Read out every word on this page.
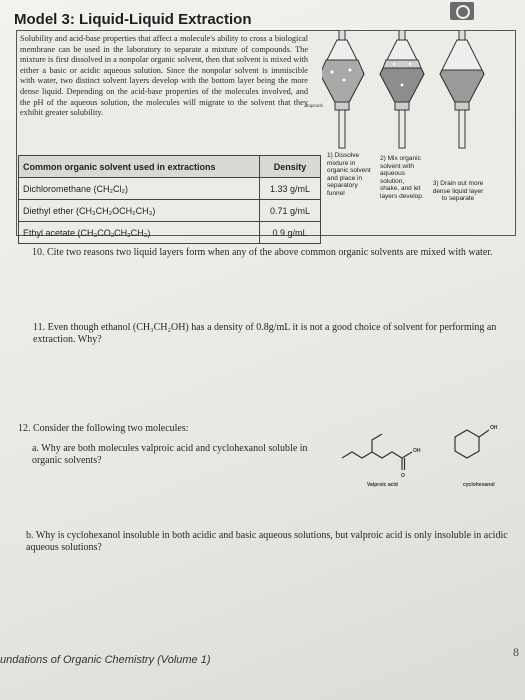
Model 3: Liquid-Liquid Extraction
Solubility and acid-base properties that affect a molecule's ability to cross a biological membrane can be used in the laboratory to separate a mixture of compounds. The mixture is first dissolved in a nonpolar organic solvent, then that solvent is mixed with either a basic or acidic aqueous solution. Since the nonpolar solvent is immiscible with water, two distinct solvent layers develop with the bottom layer being the more dense liquid. Depending on the acid-base properties of the molecules involved, and the pH of the aqueous solution, the molecules will migrate to the solvent that they exhibit greater solubility.
Common organic solvent used in extractions	Density
Dichloromethane (CH₂Cl₂)	1.33 g/mL
Diethyl ether (CH₃CH₂OCH₂CH₃)	0.71 g/mL
Ethyl acetate (CH₃CO₂CH₂CH₃)	0.9 g/mL
stopcock
1) Dissolve mixture in organic solvent and place in separatory funnel
2) Mix organic solvent with aqueous solution, shake, and let layers develop.
3) Drain out more dense liquid layer to separate
10. Cite two reasons two liquid layers form when any of the above common organic solvents are mixed with water.
11. Even though ethanol (CH₃CH₂OH) has a density of 0.8g/mL it is not a good choice of solvent for performing an extraction. Why?
12. Consider the following two molecules:
a. Why are both molecules valproic acid and cyclohexanol soluble in organic solvents?
b. Why is cyclohexanol insoluble in both acidic and basic aqueous solutions, but valproic acid is only insoluble in acidic aqueous solutions?
OH
O
Valproic acid
OH
cyclohexanol
undations of Organic Chemistry (Volume 1)
8
